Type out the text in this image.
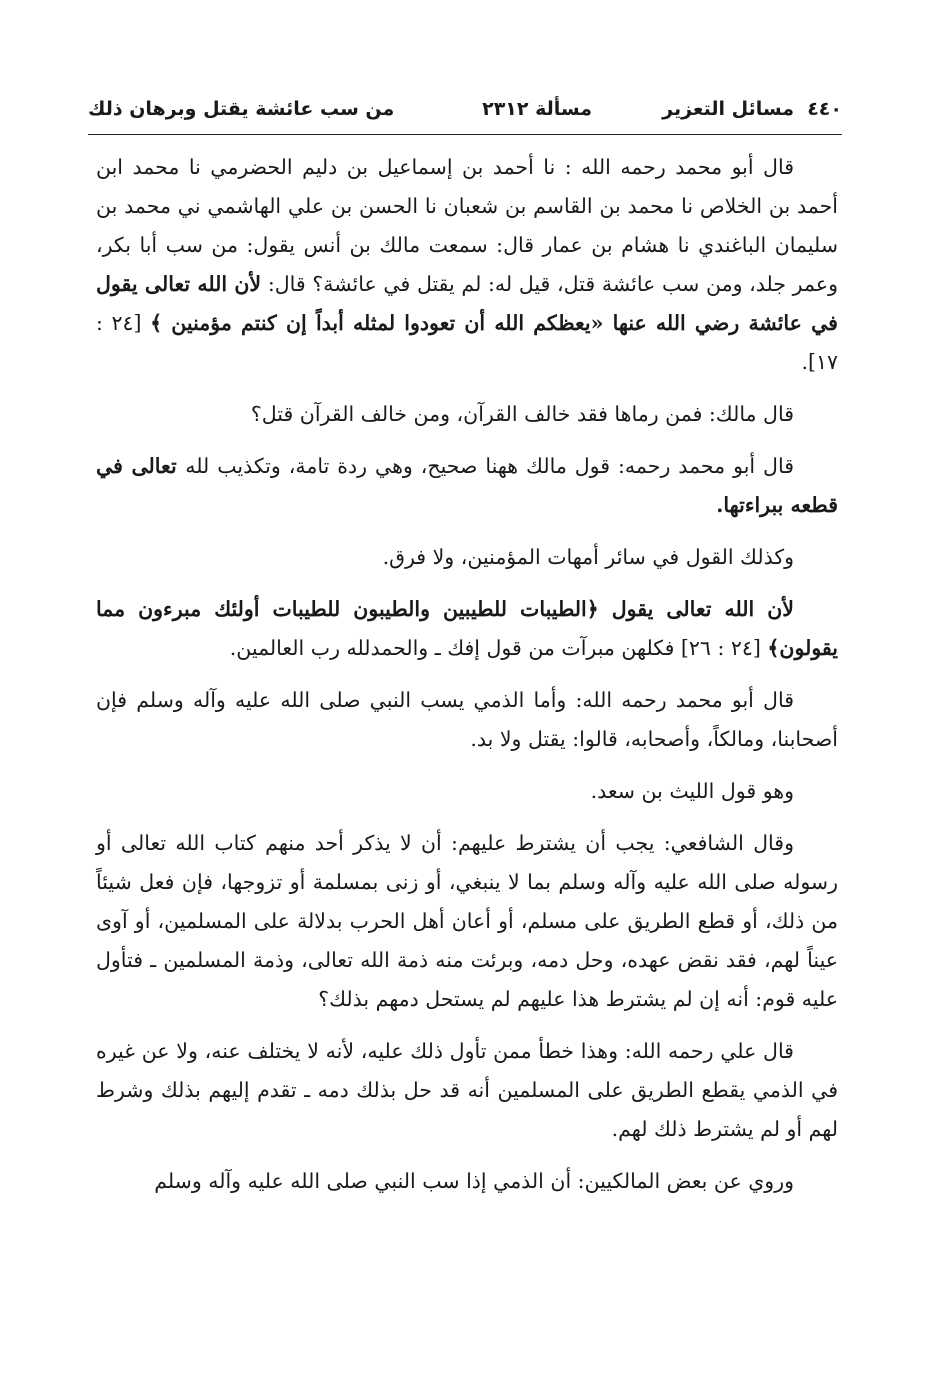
٤٤٠  مسائل التعزير
مسألة ٢٣١٢
من سب عائشة يقتل وبرهان ذلك

قال أبو محمد رحمه الله : نا أحمد بن إسماعيل بن دليم الحضرمي نا محمد ابن أحمد بن الخلاص نا محمد بن القاسم بن شعبان نا الحسن بن علي الهاشمي ني محمد بن سليمان الباغندي نا هشام بن عمار قال: سمعت مالك بن أنس يقول: من سب أبا بكر، وعمر جلد، ومن سب عائشة قتل، قيل له: لم يقتل في عائشة؟ قال: لأن الله تعالى يقول في عائشة رضي الله عنها «يعظكم الله أن تعودوا لمثله أبداً إن كنتم مؤمنين ﴾ [٢٤ : ١٧].

قال مالك: فمن رماها فقد خالف القرآن، ومن خالف القرآن قتل؟

قال أبو محمد رحمه: قول مالك ههنا صحيح، وهي ردة تامة، وتكذيب لله تعالى في قطعه ببراءتها.

وكذلك القول في سائر أمهات المؤمنين، ولا فرق.

لأن الله تعالى يقول ﴿الطيبات للطيبين والطيبون للطيبات أولئك مبرءون مما يقولون﴾ [٢٤ : ٢٦] فكلهن مبرآت من قول إفك ـ والحمدلله رب العالمين.

قال أبو محمد رحمه الله: وأما الذمي يسب النبي صلى الله عليه وآله وسلم فإن أصحابنا، ومالكاً، وأصحابه، قالوا: يقتل ولا بد.

وهو قول الليث بن سعد.

وقال الشافعي: يجب أن يشترط عليهم: أن لا يذكر أحد منهم كتاب الله تعالى أو رسوله صلى الله عليه وآله وسلم بما لا ينبغي، أو زنى بمسلمة أو تزوجها، فإن فعل شيئاً من ذلك، أو قطع الطريق على مسلم، أو أعان أهل الحرب بدلالة على المسلمين، أو آوى عيناً لهم، فقد نقض عهده، وحل دمه، وبرئت منه ذمة الله تعالى، وذمة المسلمين ـ فتأول عليه قوم: أنه إن لم يشترط هذا عليهم لم يستحل دمهم بذلك؟

قال علي رحمه الله: وهذا خطأ ممن تأول ذلك عليه، لأنه لا يختلف عنه، ولا عن غيره في الذمي يقطع الطريق على المسلمين أنه قد حل بذلك دمه ـ تقدم إليهم بذلك وشرط لهم أو لم يشترط ذلك لهم.

وروي عن بعض المالكيين: أن الذمي إذا سب النبي صلى الله عليه وآله وسلم
